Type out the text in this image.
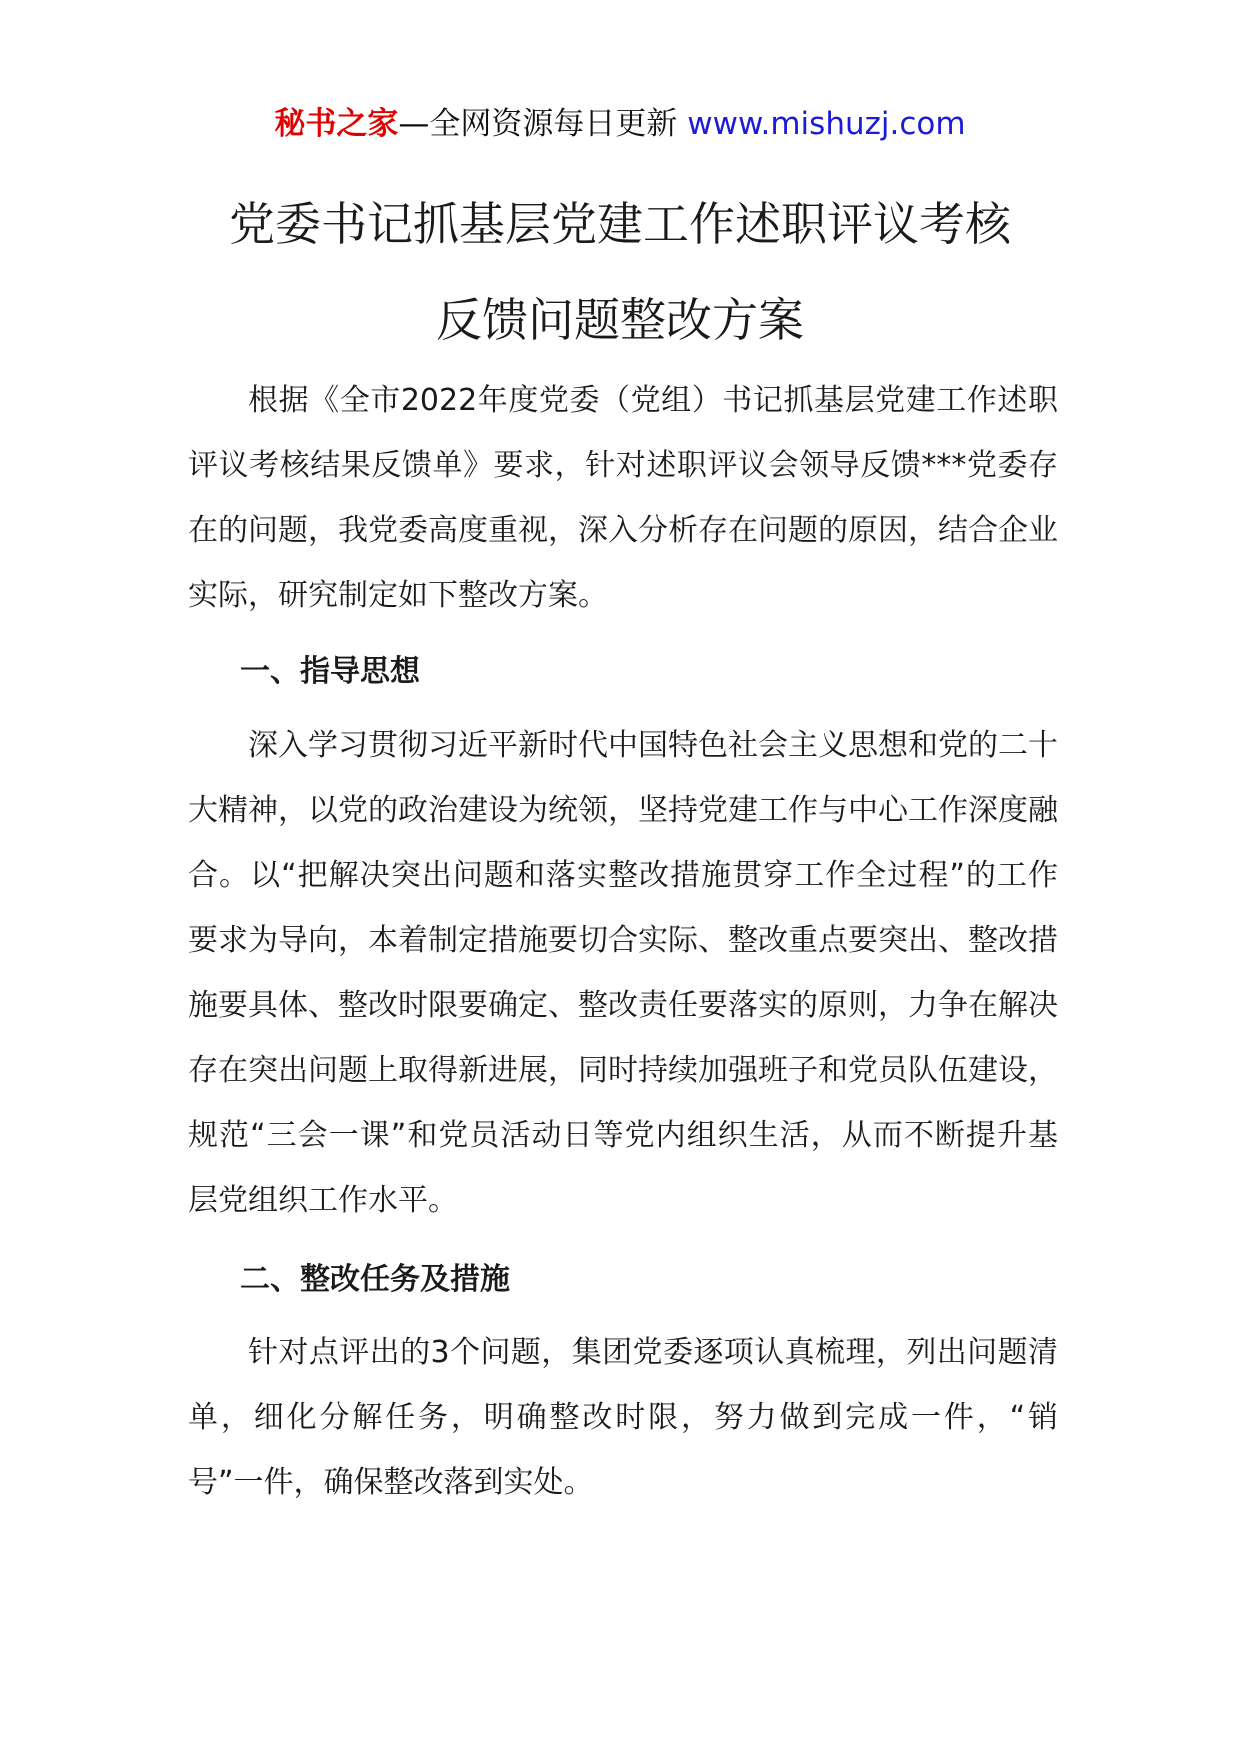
秘书之家—全网资源每日更新 www.mishuzj.com
党委书记抓基层党建工作述职评议考核
反馈问题整改方案

根据《全市2022年度党委（党组）书记抓基层党建工作述职评议考核结果反馈单》要求，针对述职评议会领导反馈***党委存在的问题，我党委高度重视，深入分析存在问题的原因，结合企业实际，研究制定如下整改方案。

一、指导思想

深入学习贯彻习近平新时代中国特色社会主义思想和党的二十大精神，以党的政治建设为统领，坚持党建工作与中心工作深度融合。以“把解决突出问题和落实整改措施贯穿工作全过程”的工作要求为导向，本着制定措施要切合实际、整改重点要突出、整改措施要具体、整改时限要确定、整改责任要落实的原则，力争在解决存在突出问题上取得新进展，同时持续加强班子和党员队伍建设，规范“三会一课”和党员活动日等党内组织生活，从而不断提升基层党组织工作水平。

二、整改任务及措施

针对点评出的3个问题，集团党委逐项认真梳理，列出问题清单，细化分解任务，明确整改时限，努力做到完成一件，“销号”一件，确保整改落到实处。
